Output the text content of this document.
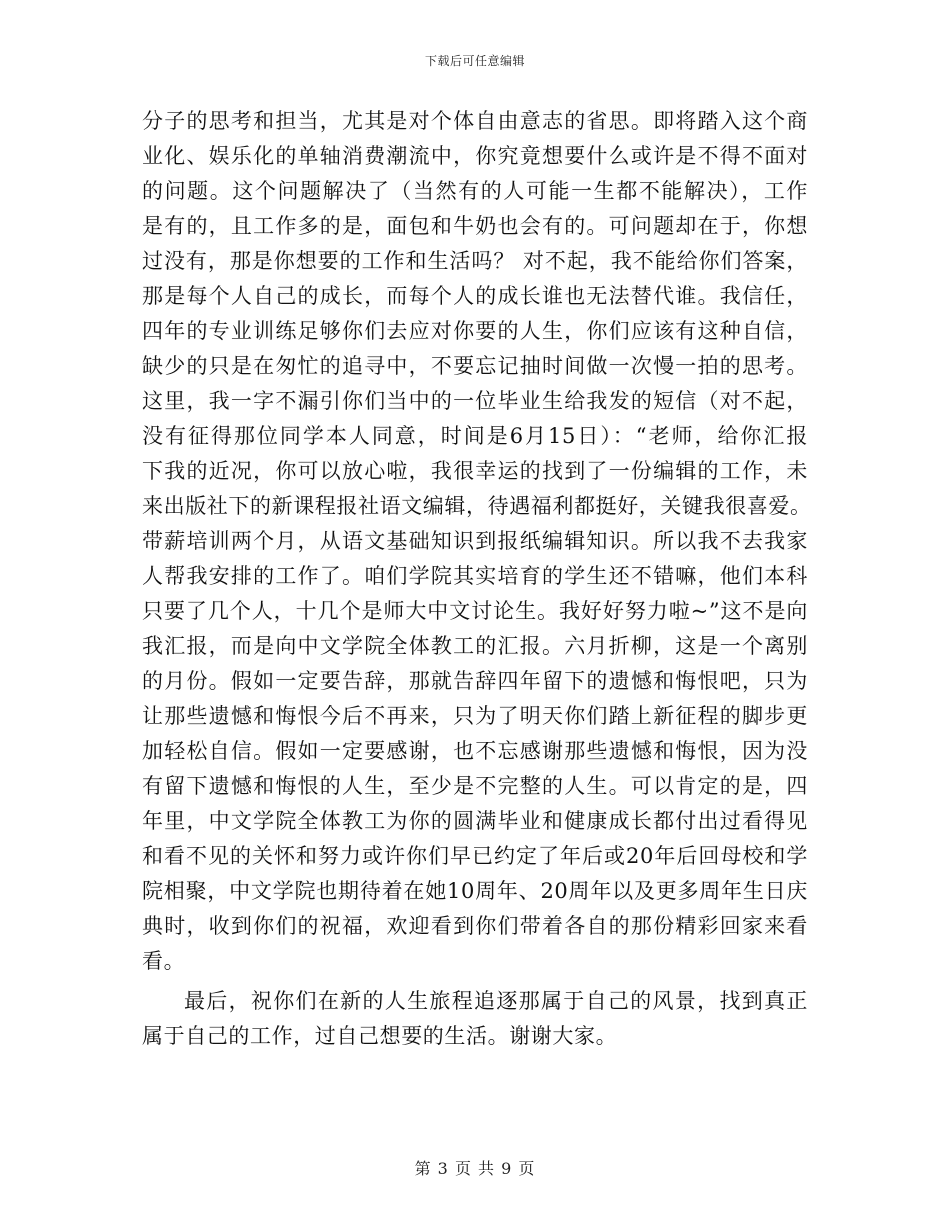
下载后可任意编辑
分子的思考和担当，尤其是对个体自由意志的省思。即将踏入这个商
业化、娱乐化的单轴消费潮流中，你究竟想要什么或许是不得不面对
的问题。这个问题解决了（当然有的人可能一生都不能解决），工作
是有的，且工作多的是，面包和牛奶也会有的。可问题却在于，你想
过没有，那是你想要的工作和生活吗？ 对不起，我不能给你们答案，
那是每个人自己的成长，而每个人的成长谁也无法替代谁。我信任，
四年的专业训练足够你们去应对你要的人生，你们应该有这种自信，
缺少的只是在匆忙的追寻中，不要忘记抽时间做一次慢一拍的思考。
这里，我一字不漏引你们当中的一位毕业生给我发的短信（对不起，
没有征得那位同学本人同意，时间是6月15日）：“老师，给你汇报
下我的近况，你可以放心啦，我很幸运的找到了一份编辑的工作，未
来出版社下的新课程报社语文编辑，待遇福利都挺好，关键我很喜爱。
带薪培训两个月，从语文基础知识到报纸编辑知识。所以我不去我家
人帮我安排的工作了。咱们学院其实培育的学生还不错嘛，他们本科
只要了几个人，十几个是师大中文讨论生。我好好努力啦~”这不是向
我汇报，而是向中文学院全体教工的汇报。六月折柳，这是一个离别
的月份。假如一定要告辞，那就告辞四年留下的遗憾和悔恨吧，只为
让那些遗憾和悔恨今后不再来，只为了明天你们踏上新征程的脚步更
加轻松自信。假如一定要感谢，也不忘感谢那些遗憾和悔恨，因为没
有留下遗憾和悔恨的人生，至少是不完整的人生。可以肯定的是，四
年里，中文学院全体教工为你的圆满毕业和健康成长都付出过看得见
和看不见的关怀和努力或许你们早已约定了年后或20年后回母校和学
院相聚，中文学院也期待着在她10周年、20周年以及更多周年生日庆
典时，收到你们的祝福，欢迎看到你们带着各自的那份精彩回家来看
看。
最后，祝你们在新的人生旅程追逐那属于自己的风景，找到真正
属于自己的工作，过自己想要的生活。谢谢大家。
第 3 页 共 9 页
